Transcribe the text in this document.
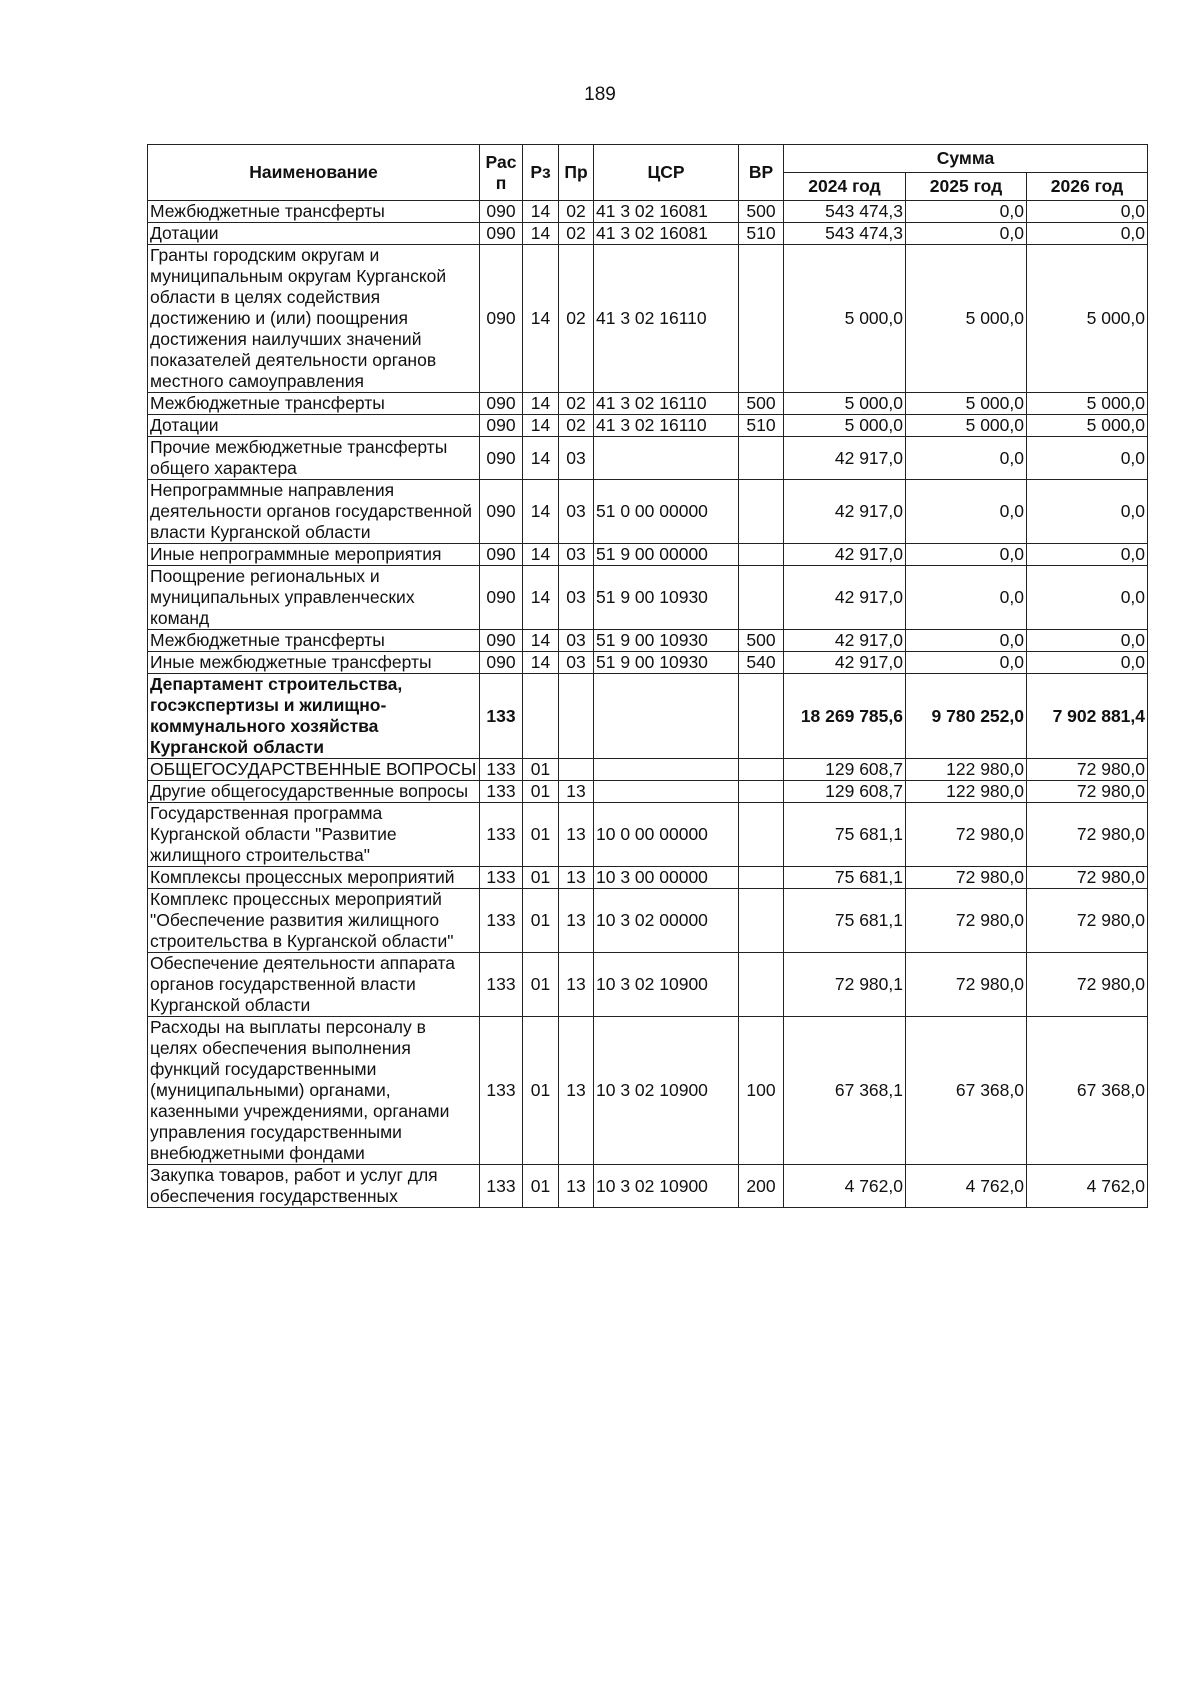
189
Наименование	Рас п	Рз	Пр	ЦСР	ВР	Сумма		
						2024 год	2025 год	2026 год
Межбюджетные трансферты	090	14	02	41 3 02 16081	500	543 474,3	0,0	0,0
Дотации	090	14	02	41 3 02 16081	510	543 474,3	0,0	0,0
Гранты городским округам и муниципальным округам Курганской области в целях содействия достижению и (или) поощрения достижения наилучших значений показателей деятельности органов местного самоуправления	090	14	02	41 3 02 16110		5 000,0	5 000,0	5 000,0
Межбюджетные трансферты	090	14	02	41 3 02 16110	500	5 000,0	5 000,0	5 000,0
Дотации	090	14	02	41 3 02 16110	510	5 000,0	5 000,0	5 000,0
Прочие межбюджетные трансферты общего характера	090	14	03			42 917,0	0,0	0,0
Непрограммные направления деятельности органов государственной власти Курганской области	090	14	03	51 0 00 00000		42 917,0	0,0	0,0
Иные непрограммные мероприятия	090	14	03	51 9 00 00000		42 917,0	0,0	0,0
Поощрение региональных и муниципальных управленческих команд	090	14	03	51 9 00 10930		42 917,0	0,0	0,0
Межбюджетные трансферты	090	14	03	51 9 00 10930	500	42 917,0	0,0	0,0
Иные межбюджетные трансферты	090	14	03	51 9 00 10930	540	42 917,0	0,0	0,0
Департамент строительства, госэкспертизы и жилищно-коммунального хозяйства Курганской области	133					18 269 785,6	9 780 252,0	7 902 881,4
ОБЩЕГОСУДАРСТВЕННЫЕ ВОПРОСЫ	133	01				129 608,7	122 980,0	72 980,0
Другие общегосударственные вопросы	133	01	13			129 608,7	122 980,0	72 980,0
Государственная программа Курганской области "Развитие жилищного строительства"	133	01	13	10 0 00 00000		75 681,1	72 980,0	72 980,0
Комплексы процессных мероприятий	133	01	13	10 3 00 00000		75 681,1	72 980,0	72 980,0
Комплекс процессных мероприятий "Обеспечение развития жилищного строительства в Курганской области"	133	01	13	10 3 02 00000		75 681,1	72 980,0	72 980,0
Обеспечение деятельности аппарата органов государственной власти Курганской области	133	01	13	10 3 02 10900		72 980,1	72 980,0	72 980,0
Расходы на выплаты персоналу в целях обеспечения выполнения функций государственными (муниципальными) органами, казенными учреждениями, органами управления государственными внебюджетными фондами	133	01	13	10 3 02 10900	100	67 368,1	67 368,0	67 368,0
Закупка товаров, работ и услуг для обеспечения государственных	133	01	13	10 3 02 10900	200	4 762,0	4 762,0	4 762,0
